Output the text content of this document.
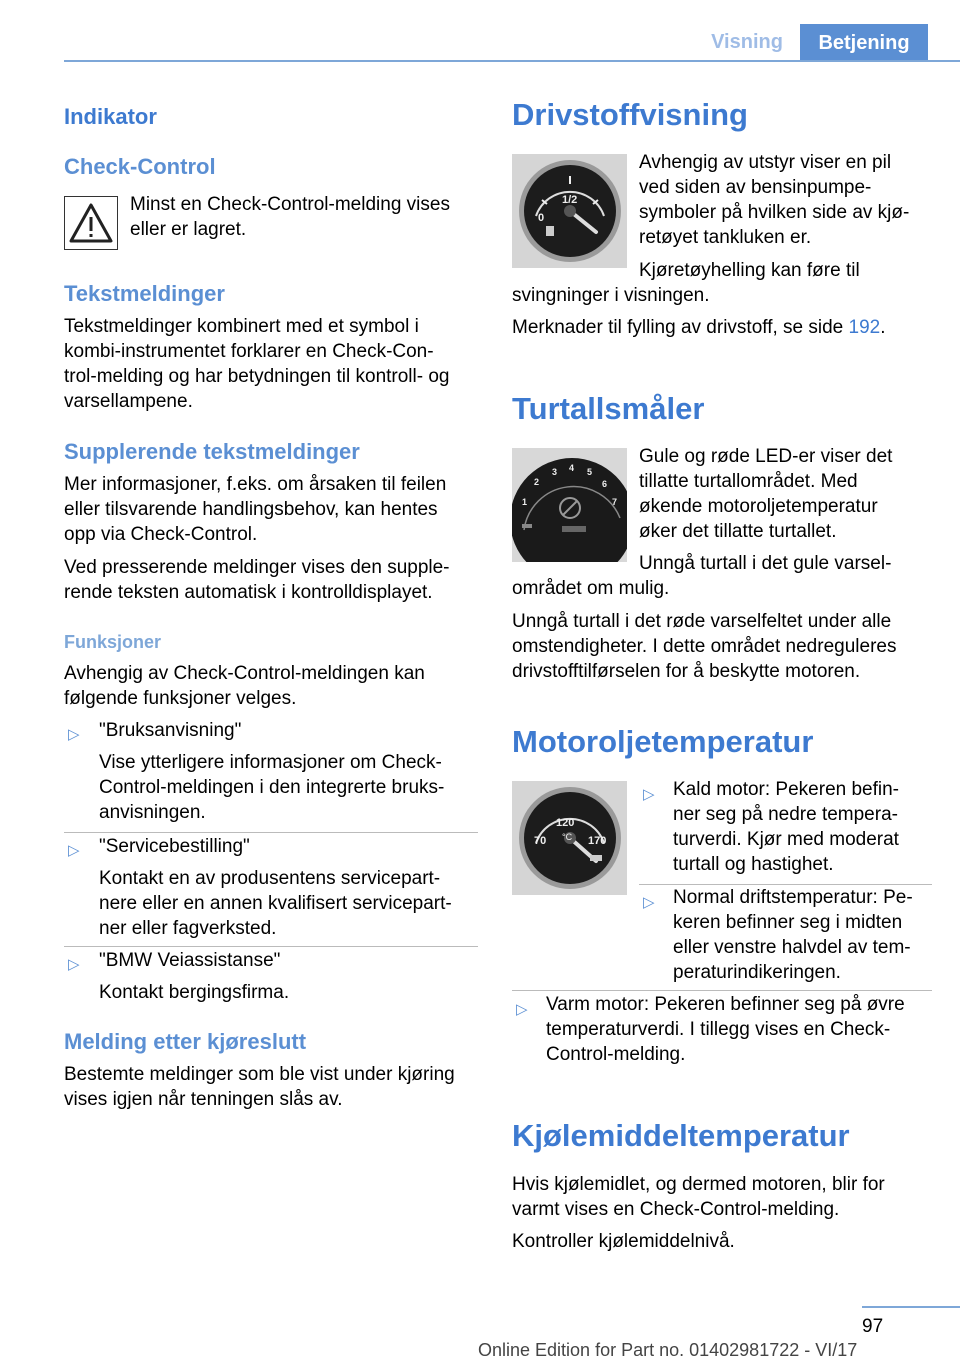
Visning	Betjening
Indikator
Check-Control

Minst en Check-Control-melding vises

eller er lagret.

Tekstmeldinger

Tekstmeldinger kombinert med et symbol i

kombi-instrumentet forklarer en Check-Con-

trol-melding og har betydningen til kontroll- og

varsellampene.

Supplerende tekstmeldinger

Mer informasjoner, f.eks. om årsaken til feilen

eller tilsvarende handlingsbehov, kan hentes

opp via Check-Control.

Ved presserende meldinger vises den supple-

rende teksten automatisk i kontrolldisplayet.

Funksjoner

Avhengig av Check-Control-meldingen kan

følgende funksjoner velges.

▷ "Bruksanvisning"

Vise ytterligere informasjoner om Check-

Control-meldingen i den integrerte bruks-

anvisningen.

▷ "Servicebestilling"

Kontakt en av produsentens servicepart-

nere eller en annen kvalifisert servicepart-

ner eller fagverksted.

▷ "BMW Veiassistanse"

Kontakt bergingsfirma.

Melding etter kjøreslutt

Bestemte meldinger som ble vist under kjøring

vises igjen når tenningen slås av.

Drivstoffvisning
1/2
0

Avhengig av utstyr viser en pil

ved siden av bensinpumpe-

symboler på hvilken side av kjø-

retøyet tankluken er.

Kjøretøyhelling kan føre til

svingninger i visningen.

Merknader til fylling av drivstoff, se side 192.

Turtallsmåler
1
2
3 4 5
6
7

Gule og røde LED-er viser det

tillatte turtallområdet. Med

økende motoroljetemperatur

øker det tillatte turtallet.

Unngå turtall i det gule varsel-

området om mulig.

Unngå turtall i det røde varselfeltet under alle

omstendigheter. I dette området nedreguleres

drivstofftilførselen for å beskytte motoren.

Motoroljetemperatur
120
°C
70	170
▷ Kald motor: Pekeren befin-

ner seg på nedre tempera-

turverdi. Kjør med moderat

turtall og hastighet.

▷ Normal driftstemperatur: Pe-

keren befinner seg i midten

eller venstre halvdel av tem-

peraturindikeringen.

▷ Varm motor: Pekeren befinner seg på øvre

temperaturverdi. I tillegg vises en Check-

Control-melding.

Kjølemiddeltemperatur

Hvis kjølemidlet, og dermed motoren, blir for

varmt vises en Check-Control-melding.

Kontroller kjølemiddelnivå.

97
Online Edition for Part no. 01402981722 - VI/17
